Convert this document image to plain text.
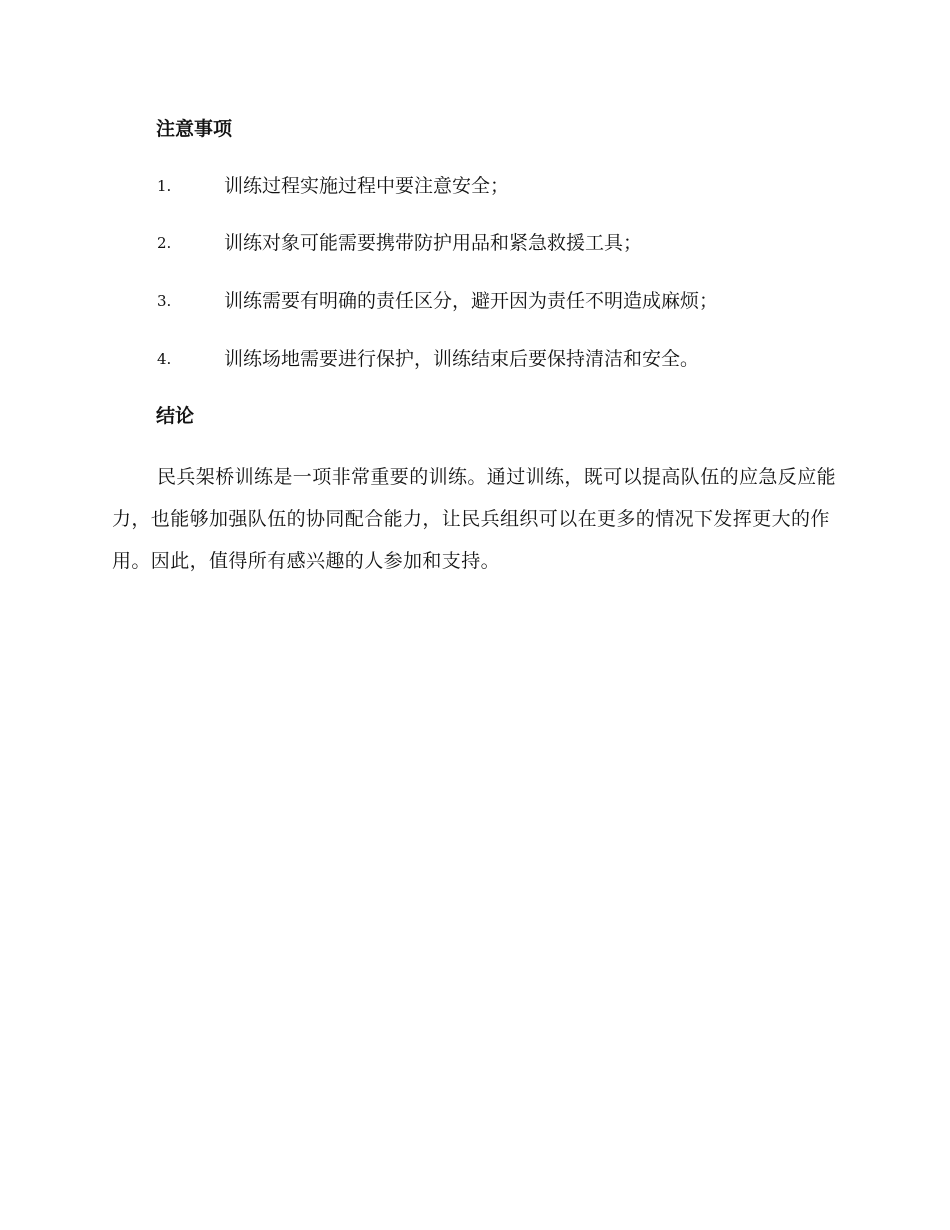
注意事项
1.	训练过程实施过程中要注意安全；
2.	训练对象可能需要携带防护用品和紧急救援工具；
3.	训练需要有明确的责任区分，避开因为责任不明造成麻烦；
4.	训练场地需要进行保护，训练结束后要保持清洁和安全。
结论

民兵架桥训练是一项非常重要的训练。通过训练，既可以提高队伍的应急反应能力，也能够加强队伍的协同配合能力，让民兵组织可以在更多的情况下发挥更大的作用。因此，值得所有感兴趣的人参加和支持。
